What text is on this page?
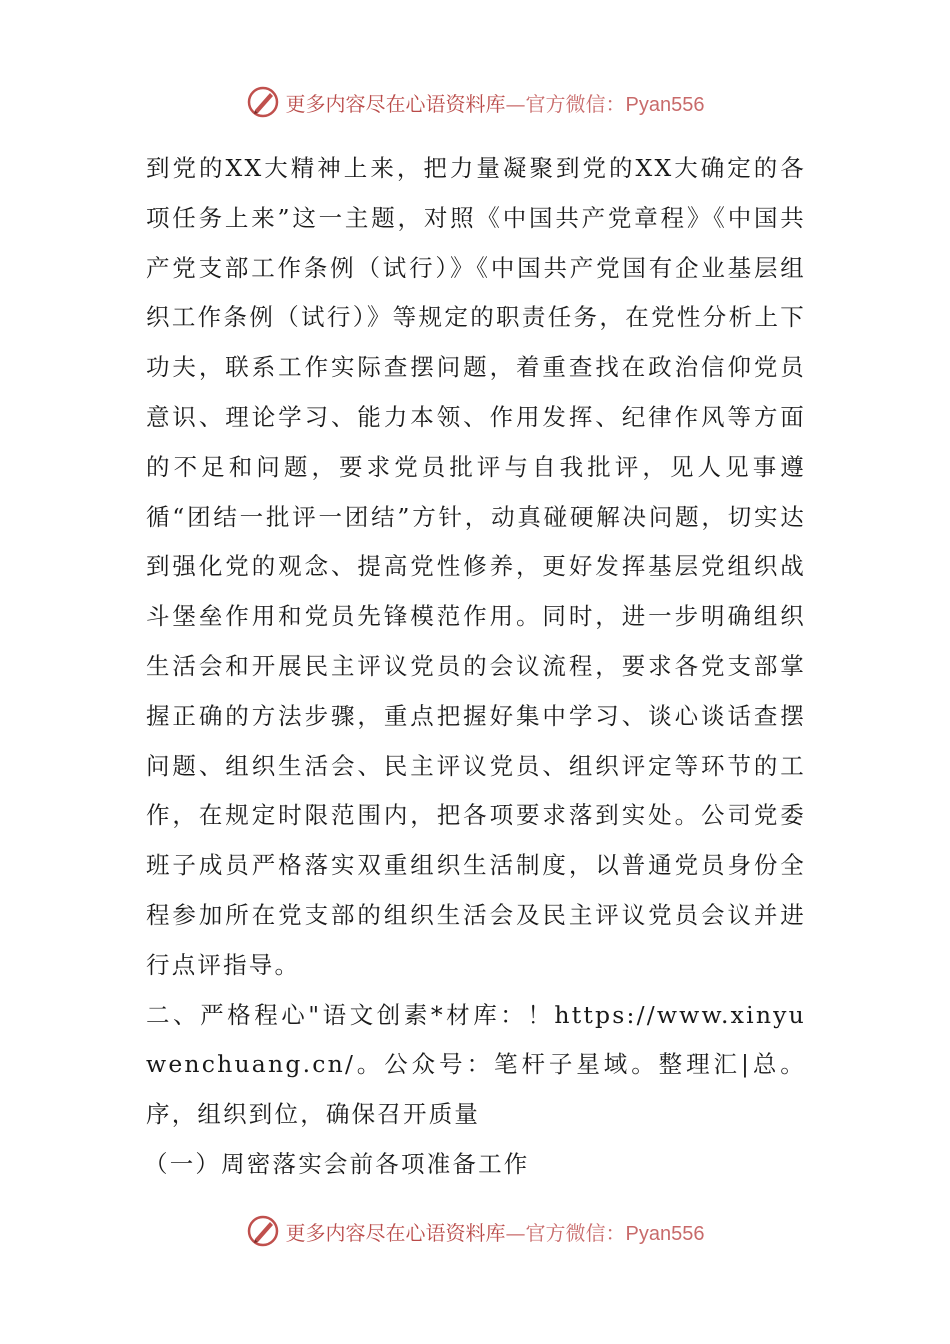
更多内容尽在心语资料库—官方微信：Pyan556

到党的XX大精神上来，把力量凝聚到党的XX大确定的各项任务上来”这一主题，对照《中国共产党章程》《中国共产党支部工作条例（试行）》《中国共产党国有企业基层组织工作条例（试行）》等规定的职责任务，在党性分析上下功夫，联系工作实际查摆问题，着重查找在政治信仰党员意识、理论学习、能力本领、作用发挥、纪律作风等方面的不足和问题，要求党员批评与自我批评，见人见事遵循“团结一批评一团结”方针，动真碰硬解决问题，切实达到强化党的观念、提高党性修养，更好发挥基层党组织战斗堡垒作用和党员先锋模范作用。同时，进一步明确组织生活会和开展民主评议党员的会议流程，要求各党支部掌握正确的方法步骤，重点把握好集中学习、谈心谈话查摆问题、组织生活会、民主评议党员、组织评定等环节的工作，在规定时限范围内，把各项要求落到实处。公司党委班子成员严格落实双重组织生活制度，以普通党员身份全程参加所在党支部的组织生活会及民主评议党员会议并进行点评指导。

二、严格程心"语文创素*材库：！https://www.xinyuwenchuang.cn/。公众号：笔杆子星域。整理汇|总。序，组织到位，确保召开质量

（一）周密落实会前各项准备工作

更多内容尽在心语资料库—官方微信：Pyan556
